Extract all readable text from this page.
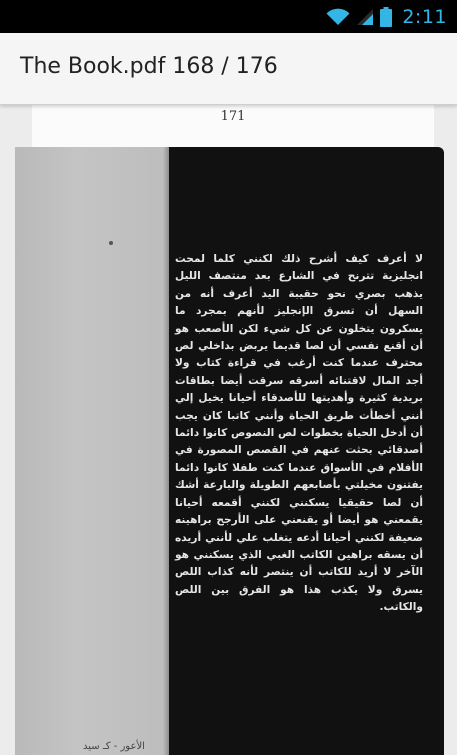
2:11
The Book.pdf 168 / 176
171

لا أعرف كيف أشرح ذلك لكنني كلما لمحت انجليزية تترنح في الشارع بعد منتصف الليل يذهب بصري نحو حقيبة اليد أعرف أنه من السهل أن تسرق الإنجليز لأنهم بمجرد ما يسكرون يتخلون عن كل شيء لكن الأصعب هو أن أقنع نفسي أن لصا قديما يربض بداخلي لص محترف عندما كنت أرغب في قراءة كتاب ولا أجد المال لاقتنائه أسرقه سرقت أيضا بطاقات بريدية كثيرة وأهديتها للأصدقاء أحيانا يخيل إلي أنني أخطأت طريق الحياة وأنني كاتبا كان يجب أن أدخل الحياة بخطوات لص النصوص كانوا دائما أصدقائي بحثت عنهم في القصص المصورة في الأفلام في الأسواق عندما كنت طفلا كانوا دائما يفتنون مخيلتي بأصابعهم الطويلة والبارعة أشك أن لصا حقيقيا يسكنني لكنني أقمعه أحيانا يقمعني هو أيضا أو يقنعني على الأرجح براهينه ضعيفة لكنني أحيانا أدعه يتغلب علي لأنني أريده أن يسقه براهين الكاتب الغبي الذي يسكنني هو الآخر لا أريد للكاتب أن ينتصر لأنه كذاب اللص يسرق ولا يكذب هذا هو الفرق بين اللص والكاتب.

الأعور - كـ سيد
